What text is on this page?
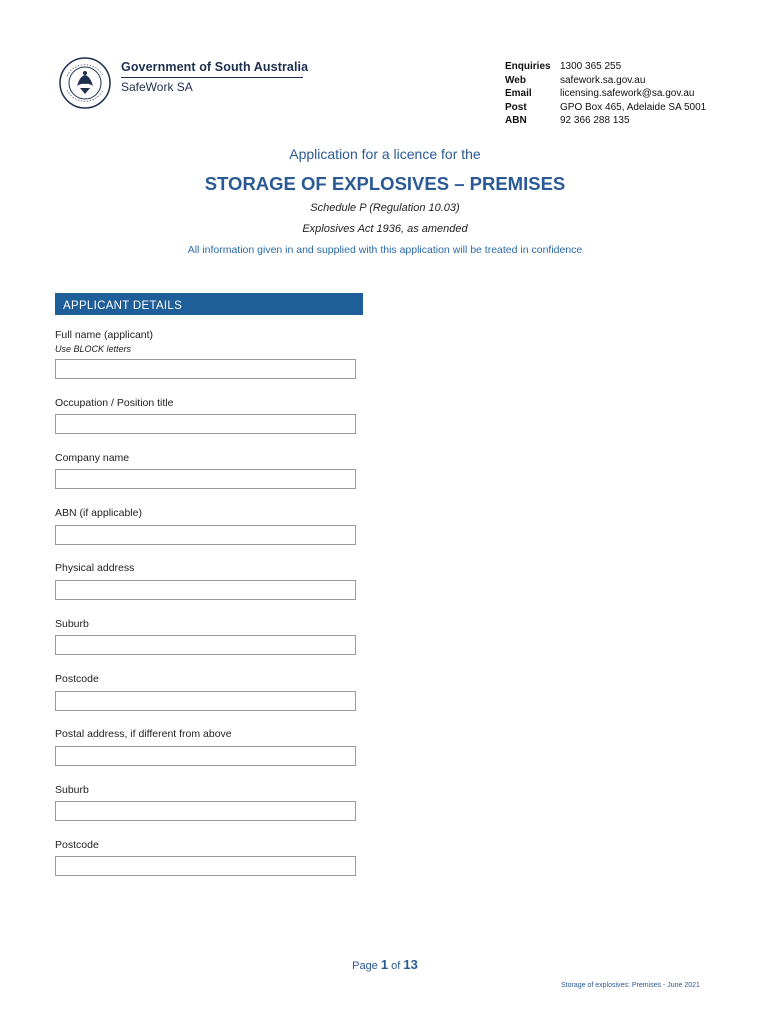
Government of South Australia
SafeWork SA
Enquiries 1300 365 255
Web	safework.sa.gov.au
Email	licensing.safework@sa.gov.au
Post	GPO Box 465, Adelaide SA 5001
ABN	92 366 288 135
Application for a licence for the
STORAGE OF EXPLOSIVES – PREMISES
Schedule P (Regulation 10.03)
Explosives Act 1936, as amended
All information given in and supplied with this application will be treated in confidence
APPLICANT DETAILS
Full name (applicant)
Use BLOCK letters
Occupation / Position title
Company name
ABN (if applicable)
Physical address
Suburb
Postcode
Postal address, if different from above
Suburb
Postcode
Page 1 of 13
Storage of explosives: Premises - June 2021
